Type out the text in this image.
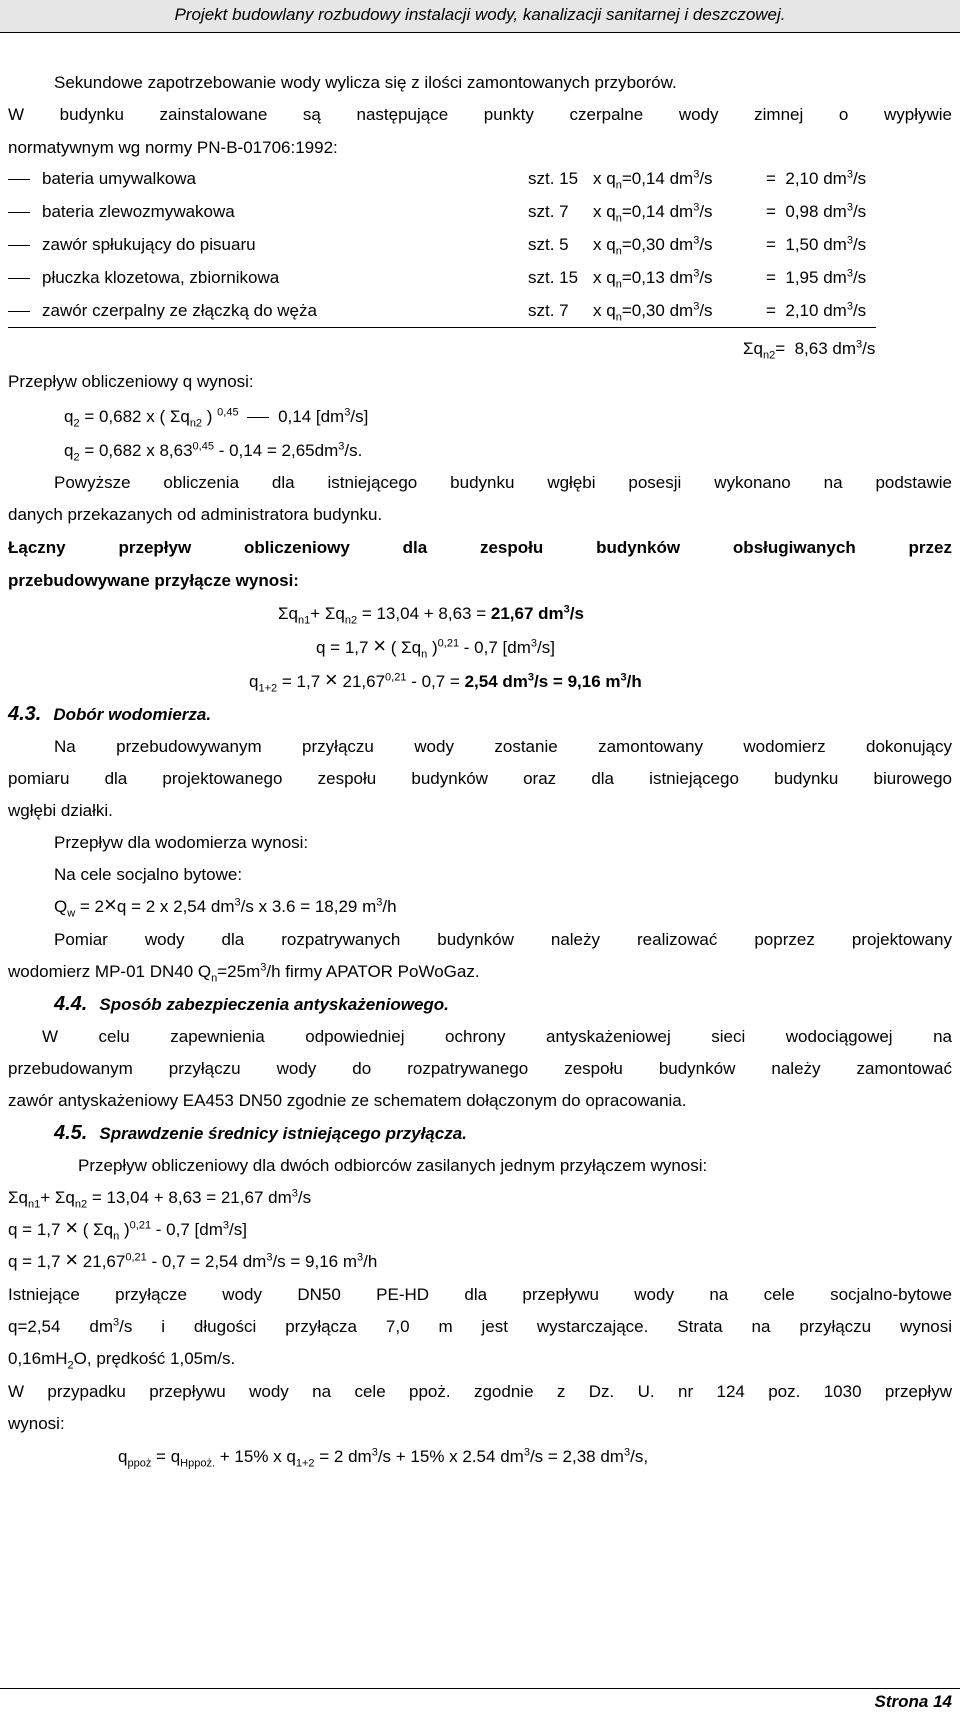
Projekt budowlany rozbudowy instalacji wody, kanalizacji sanitarnej i deszczowej.

Sekundowe zapotrzebowanie wody wylicza się z ilości zamontowanych przyborów.

W budynku zainstalowane są następujące punkty czerpalne wody zimnej o wypływie

normatywnym wg normy PN-B-01706:1992:

bateria umywalkowa	szt. 15 x $q_n=0,14$ $dm^3/s$	=  2,10 $dm^3/s$
bateria zlewozmywakowa	szt. 7 x $q_n=0,14$ $dm^3/s$	=  0,98 $dm^3/s$
zawór spłukujący do pisuaru	szt. 5 x $q_n=0,30$ $dm^3/s$	=  1,50 $dm^3/s$
płuczka klozetowa, zbiornikowa	szt. 15 x $q_n=0,13$ $dm^3/s$	=  1,95 $dm^3/s$
zawór czerpalny ze złączką do węża	szt. 7 x $q_n=0,30$ $dm^3/s$	=  2,10 $dm^3/s$

$\Sigma q_{n2}= 8,63$ $dm^3/s$

Przepływ obliczeniowy q wynosi:

$q_2 = 0,682$ x ( $\Sigma q_{n2}$ ) $^{0,45}$ 0,14 $[dm^3/s]$

$q_2 = 0,682$ x $8,63^{0,45} - 0,14 = 2,65dm^3/s$.

Powyższe obliczenia dla istniejącego budynku wgłębi posesji wykonano na podstawie

danych przekazanych od administratora budynku.

Łączny przepływ obliczeniowy dla zespołu budynków obsługiwanych przez

przebudowywane przyłącze wynosi:

$\Sigma q_{n1}+ \Sigma q_{n2} = 13,04 + 8,63 = 21,67$ $dm^3/s$

q = 1,7 × ( $\Sigma q_n$ )$^{0,21}$ - 0,7 $[dm^3/s]$

$q_{1+2} = 1,7 \times 21,67^{0,21} - 0,7 = 2,54$ $dm^3/s = 9,16$ $m^3/h$

4.3. Dobór wodomierza.

Na przebudowywanym przyłączu wody zostanie zamontowany wodomierz dokonujący

pomiaru dla projektowanego zespołu budynków oraz dla istniejącego budynku biurowego

wgłębi działki.

Przepływ dla wodomierza wynosi:

Na cele socjalno bytowe:

$Q_w = 2\times q = 2$ x 2,54 $dm^3/s$ x 3.6 = 18,29 $m^3/h$

Pomiar wody dla rozpatrywanych budynków należy realizować poprzez projektowany

wodomierz MP-01 DN40 $Q_n=25m^3/h$ firmy APATOR PoWoGaz.

4.4. Sposób zabezpieczenia antyskażeniowego.

W celu zapewnienia odpowiedniej ochrony antyskażeniowej sieci wodociągowej na

przebudowanym przyłączu wody do rozpatrywanego zespołu budynków należy zamontować

zawór antyskażeniowy EA453 DN50 zgodnie ze schematem dołączonym do opracowania.

4.5. Sprawdzenie średnicy istniejącego przyłącza.

Przepływ obliczeniowy dla dwóch odbiorców zasilanych jednym przyłączem wynosi:

$\Sigma q_{n1}+ \Sigma q_{n2} = 13,04 + 8,63 = 21,67$ $dm^3/s$

q = 1,7 × ( $\Sigma q_n$ )$^{0,21}$ - 0,7 $[dm^3/s]$

$q = 1,7 \times 21,67^{0,21} - 0,7 = 2,54$ $dm^3/s = 9,16$ $m^3/h$

Istniejące przyłącze wody DN50 PE-HD dla przepływu wody na cele socjalno-bytowe

q=2,54 $dm^3/s$ i długości przyłącza 7,0 m jest wystarczające. Strata na przyłączu wynosi

$0,16mH_2O$, prędkość 1,05m/s.

W przypadku przepływu wody na cele ppoż. zgodnie z Dz. U. nr 124 poz. 1030 przepływ

wynosi:

$q_{ppoż} = q_{Hppoż.} + 15\%$ x $q_{1+2} = 2$ $dm^3/s + 15\%$ x 2.54 $dm^3/s = 2,38$ $dm^3/s$,

Strona 14
